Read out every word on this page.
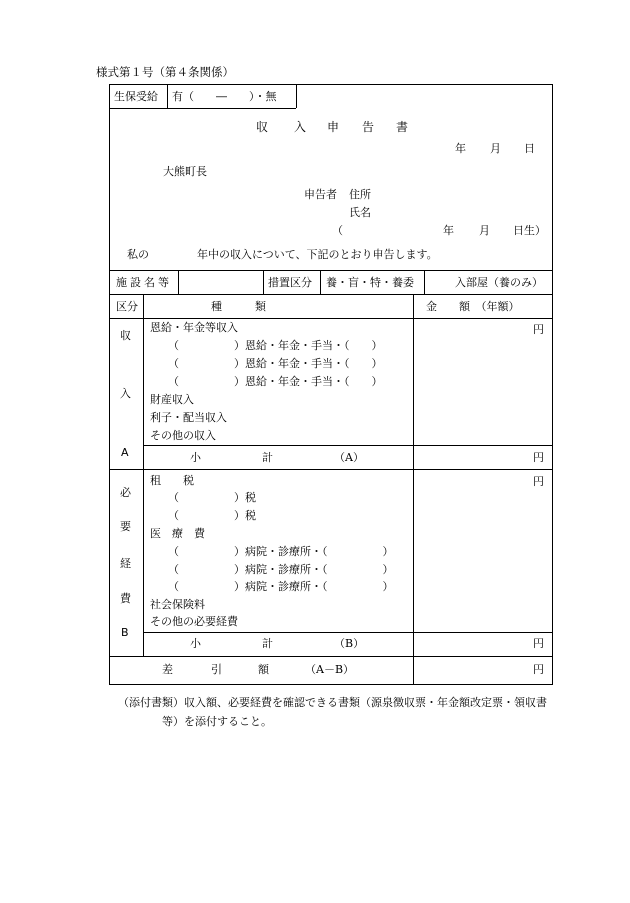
様式第１号（第４条関係）
生保受給 有（　　―　　）・無
収 入 申 告 書
年 月 日
大熊町長
申告者 住所
氏名
（	年 月 日生）
私の	年中の収入について、下記のとおり申告します。
施設名等	措置区分 養・盲・特・養委	入部屋（養のみ）
区分	種　　　類	金　　額　（年額）
収
入
A
恩給・年金等収入
（　　　　　）恩給・年金・手当・（　　）
（　　　　　）恩給・年金・手当・（　　）
（　　　　　）恩給・年金・手当・（　　）
財産収入
利子・配当収入
その他の収入
円
小	計	（A）	円
必
要
経
費
B
租　　税
（　　　　　）税
（　　　　　）税
医　療　費
（　　　　　）病院・診療所・（　　　　　）
（　　　　　）病院・診療所・（　　　　　）
（　　　　　）病院・診療所・（　　　　　）
社会保険料
その他の必要経費
円
小	計	（B）	円
差	引	額	（A－B）	円
（添付書類）収入額、必要経費を確認できる書類（源泉徴収票・年金額改定票・領収書
等）を添付すること。
